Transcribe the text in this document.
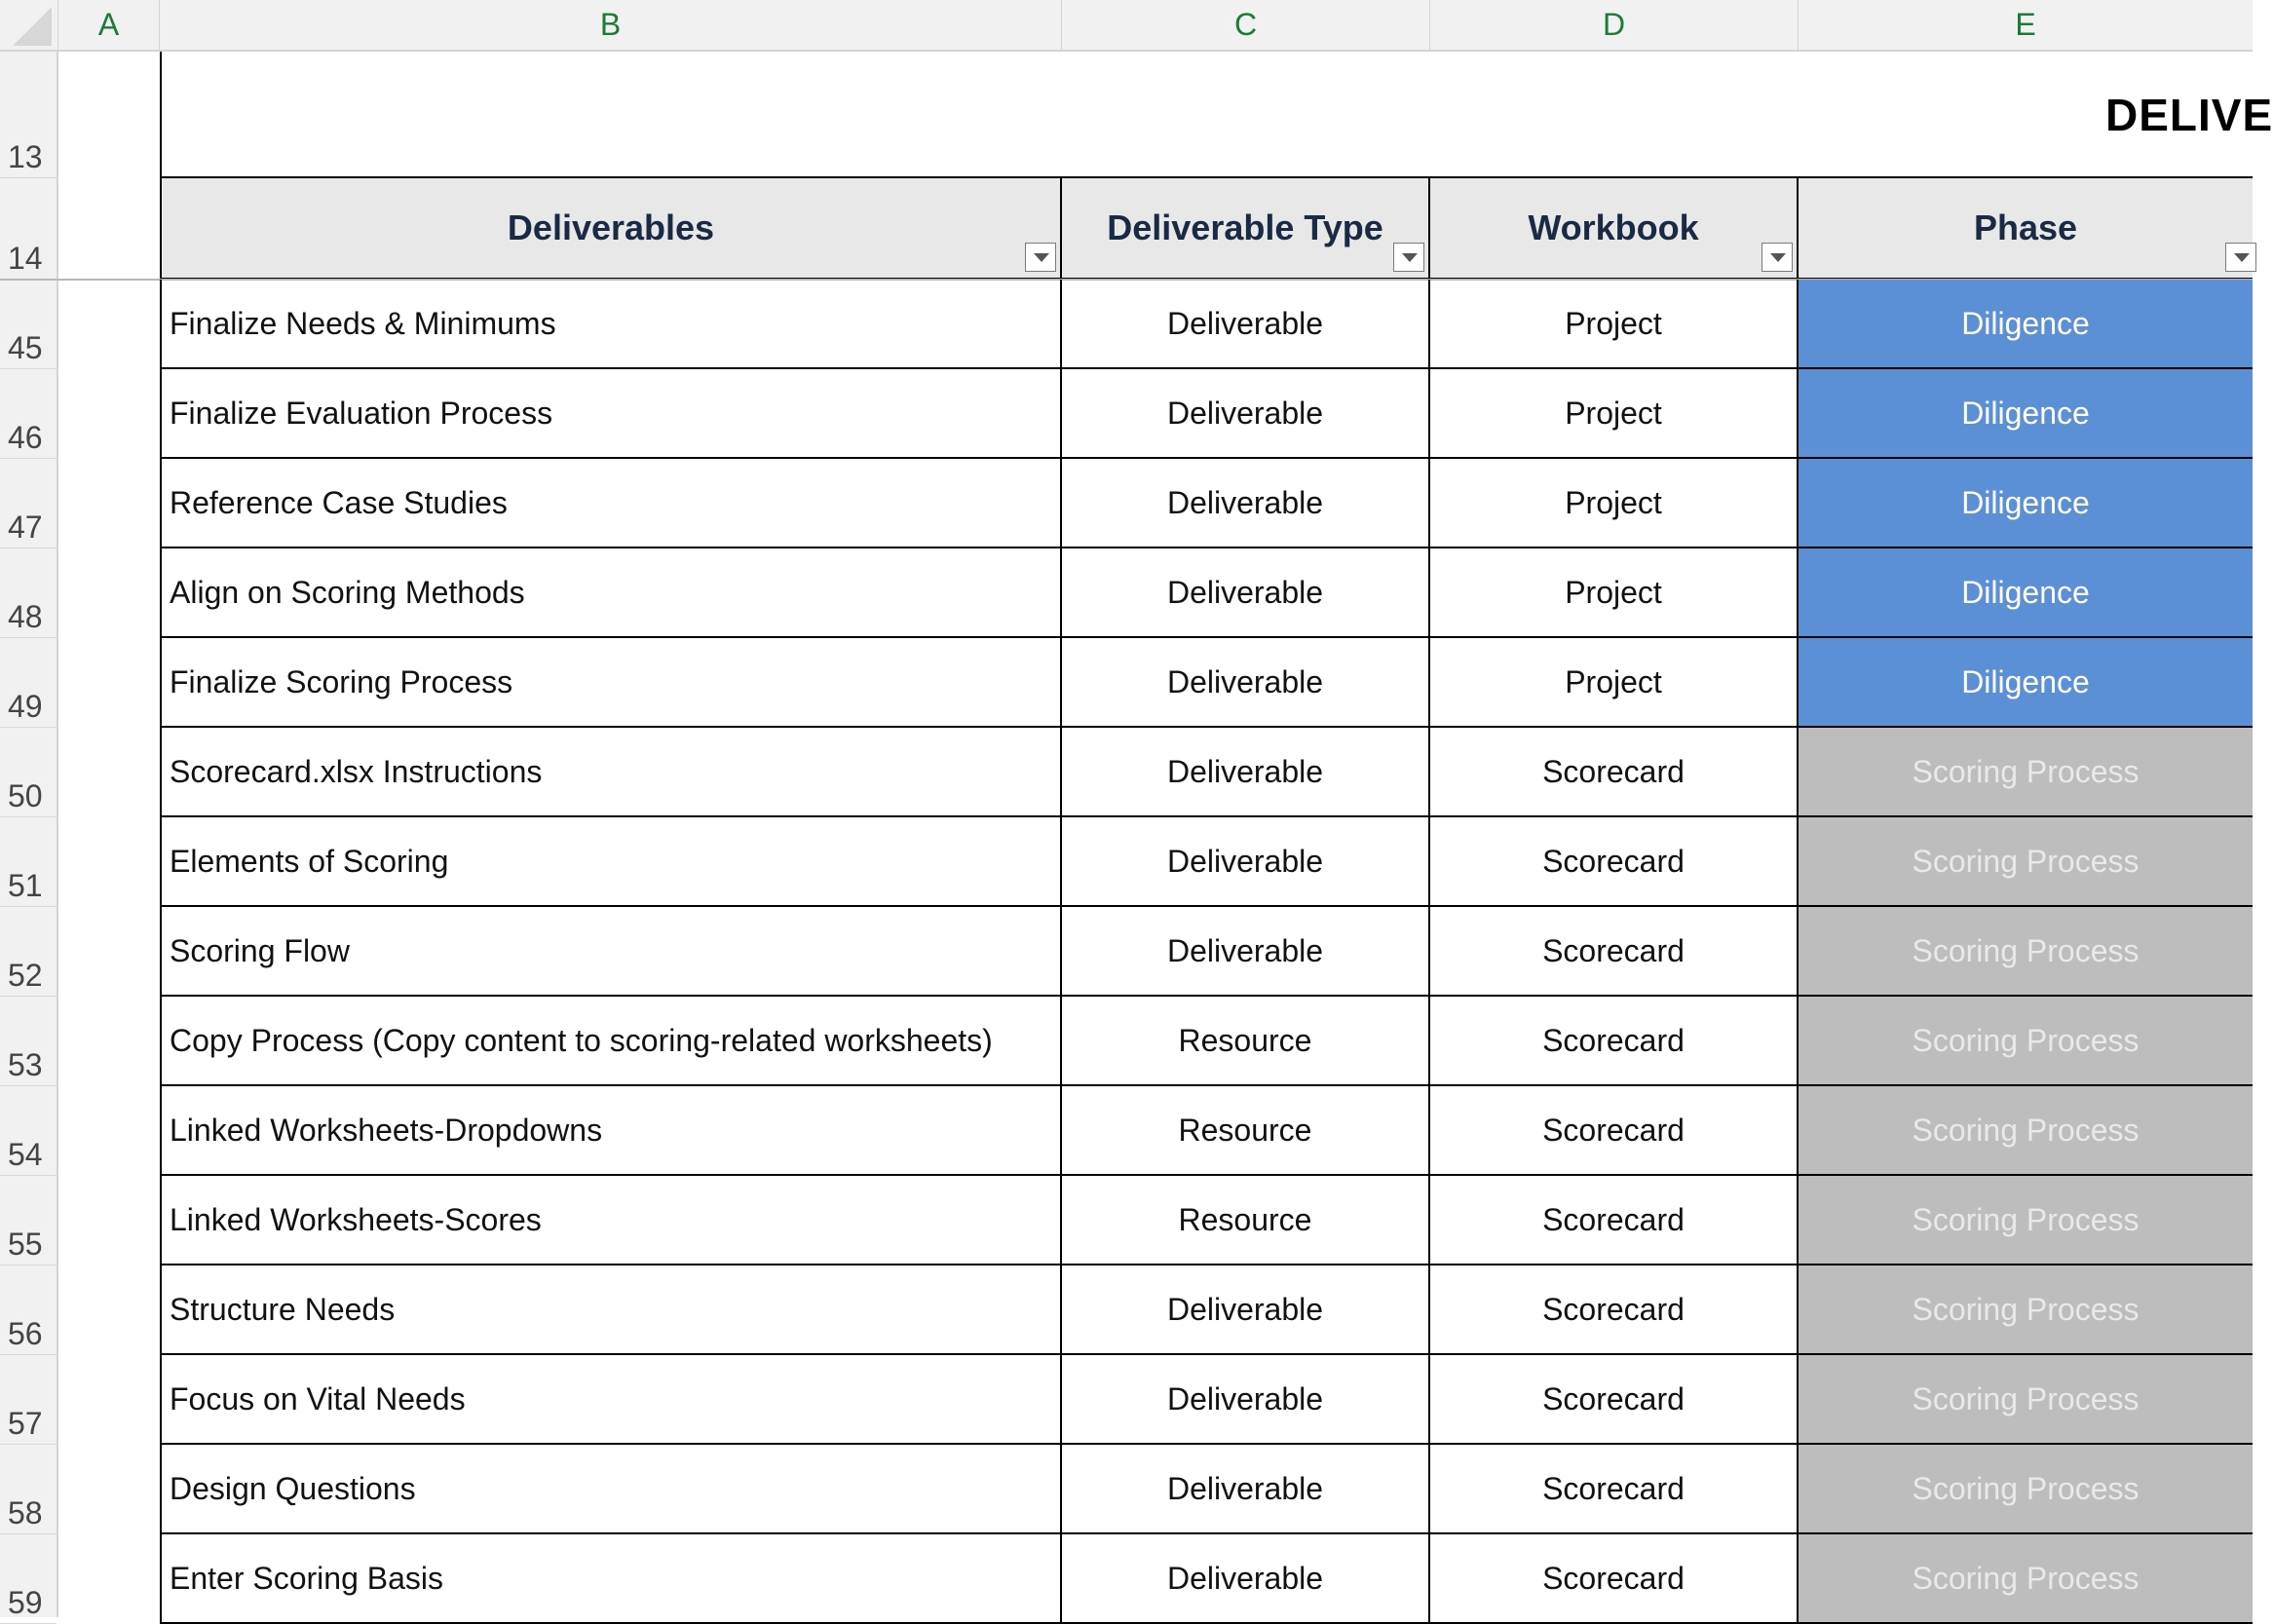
A	B	C	D	E
13
14
45
46
47
48
49
50
51
52
53
54
55
56
57
58
59
DELIVE
Deliverables	Deliverable Type	Workbook	Phase
Finalize Needs & Minimums	Deliverable	Project	Diligence
Finalize Evaluation Process	Deliverable	Project	Diligence
Reference Case Studies	Deliverable	Project	Diligence
Align on Scoring Methods	Deliverable	Project	Diligence
Finalize Scoring Process	Deliverable	Project	Diligence
Scorecard.xlsx Instructions	Deliverable	Scorecard	Scoring Process
Elements of Scoring	Deliverable	Scorecard	Scoring Process
Scoring Flow	Deliverable	Scorecard	Scoring Process
Copy Process (Copy content to scoring-related worksheets)	Resource	Scorecard	Scoring Process
Linked Worksheets-Dropdowns	Resource	Scorecard	Scoring Process
Linked Worksheets-Scores	Resource	Scorecard	Scoring Process
Structure Needs	Deliverable	Scorecard	Scoring Process
Focus on Vital Needs	Deliverable	Scorecard	Scoring Process
Design Questions	Deliverable	Scorecard	Scoring Process
Enter Scoring Basis	Deliverable	Scorecard	Scoring Process
